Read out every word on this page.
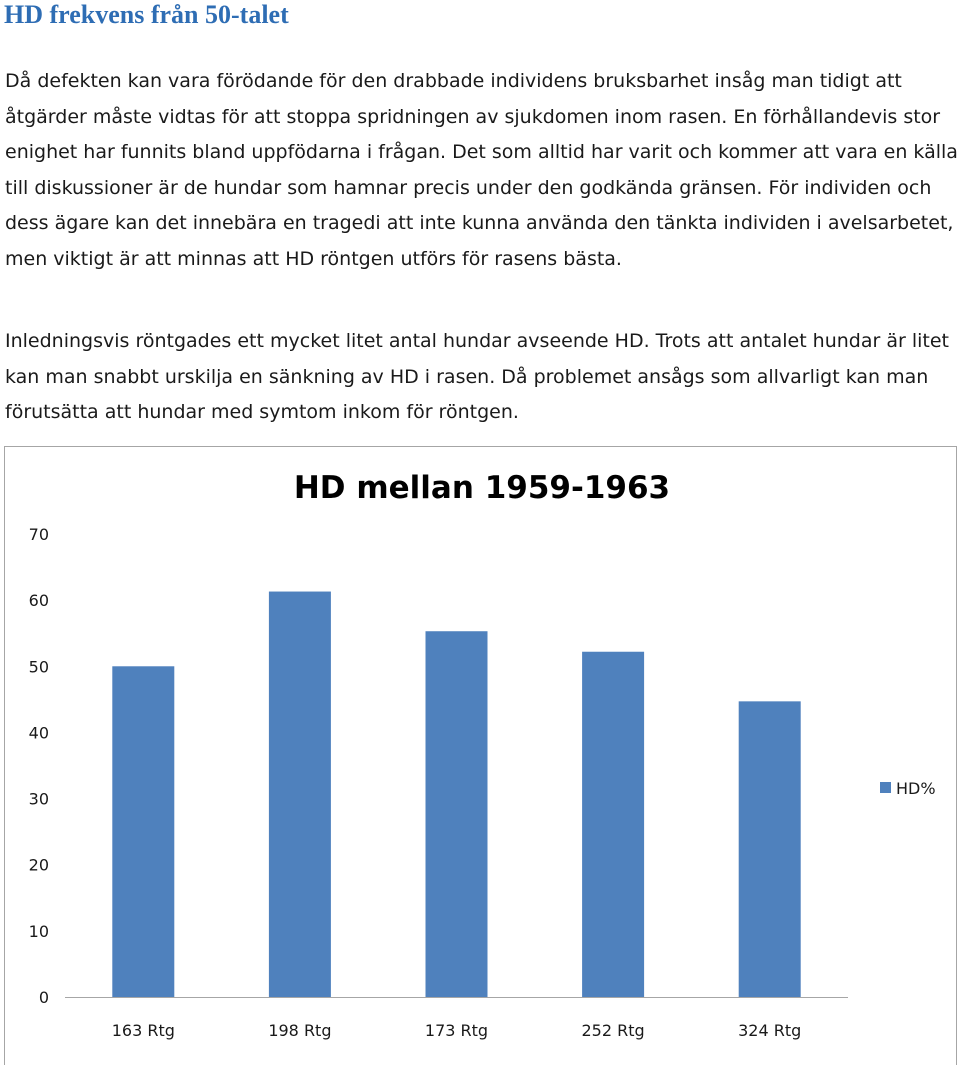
HD frekvens från 50-talet

Då defekten kan vara förödande för den drabbade individens bruksbarhet insåg man tidigt att åtgärder måste vidtas för att stoppa spridningen av sjukdomen inom rasen. En förhållandevis stor enighet har funnits bland uppfödarna i frågan. Det som alltid har varit och kommer att vara en källa till diskussioner är de hundar som hamnar precis under den godkända gränsen. För individen och dess ägare kan det innebära en tragedi att inte kunna använda den tänkta individen i avelsarbetet, men viktigt är att minnas att HD röntgen utförs för rasens bästa.

Inledningsvis röntgades ett mycket litet antal hundar avseende HD. Trots att antalet hundar är litet kan man snabbt urskilja en sänkning av HD i rasen. Då problemet ansågs som allvarligt kan man förutsätta att hundar med symtom inkom för röntgen.

HD mellan 1959-1963
0
10
20
30
40
50
60
70
163 Rtg	198 Rtg	173 Rtg	252 Rtg	324 Rtg
HD%
